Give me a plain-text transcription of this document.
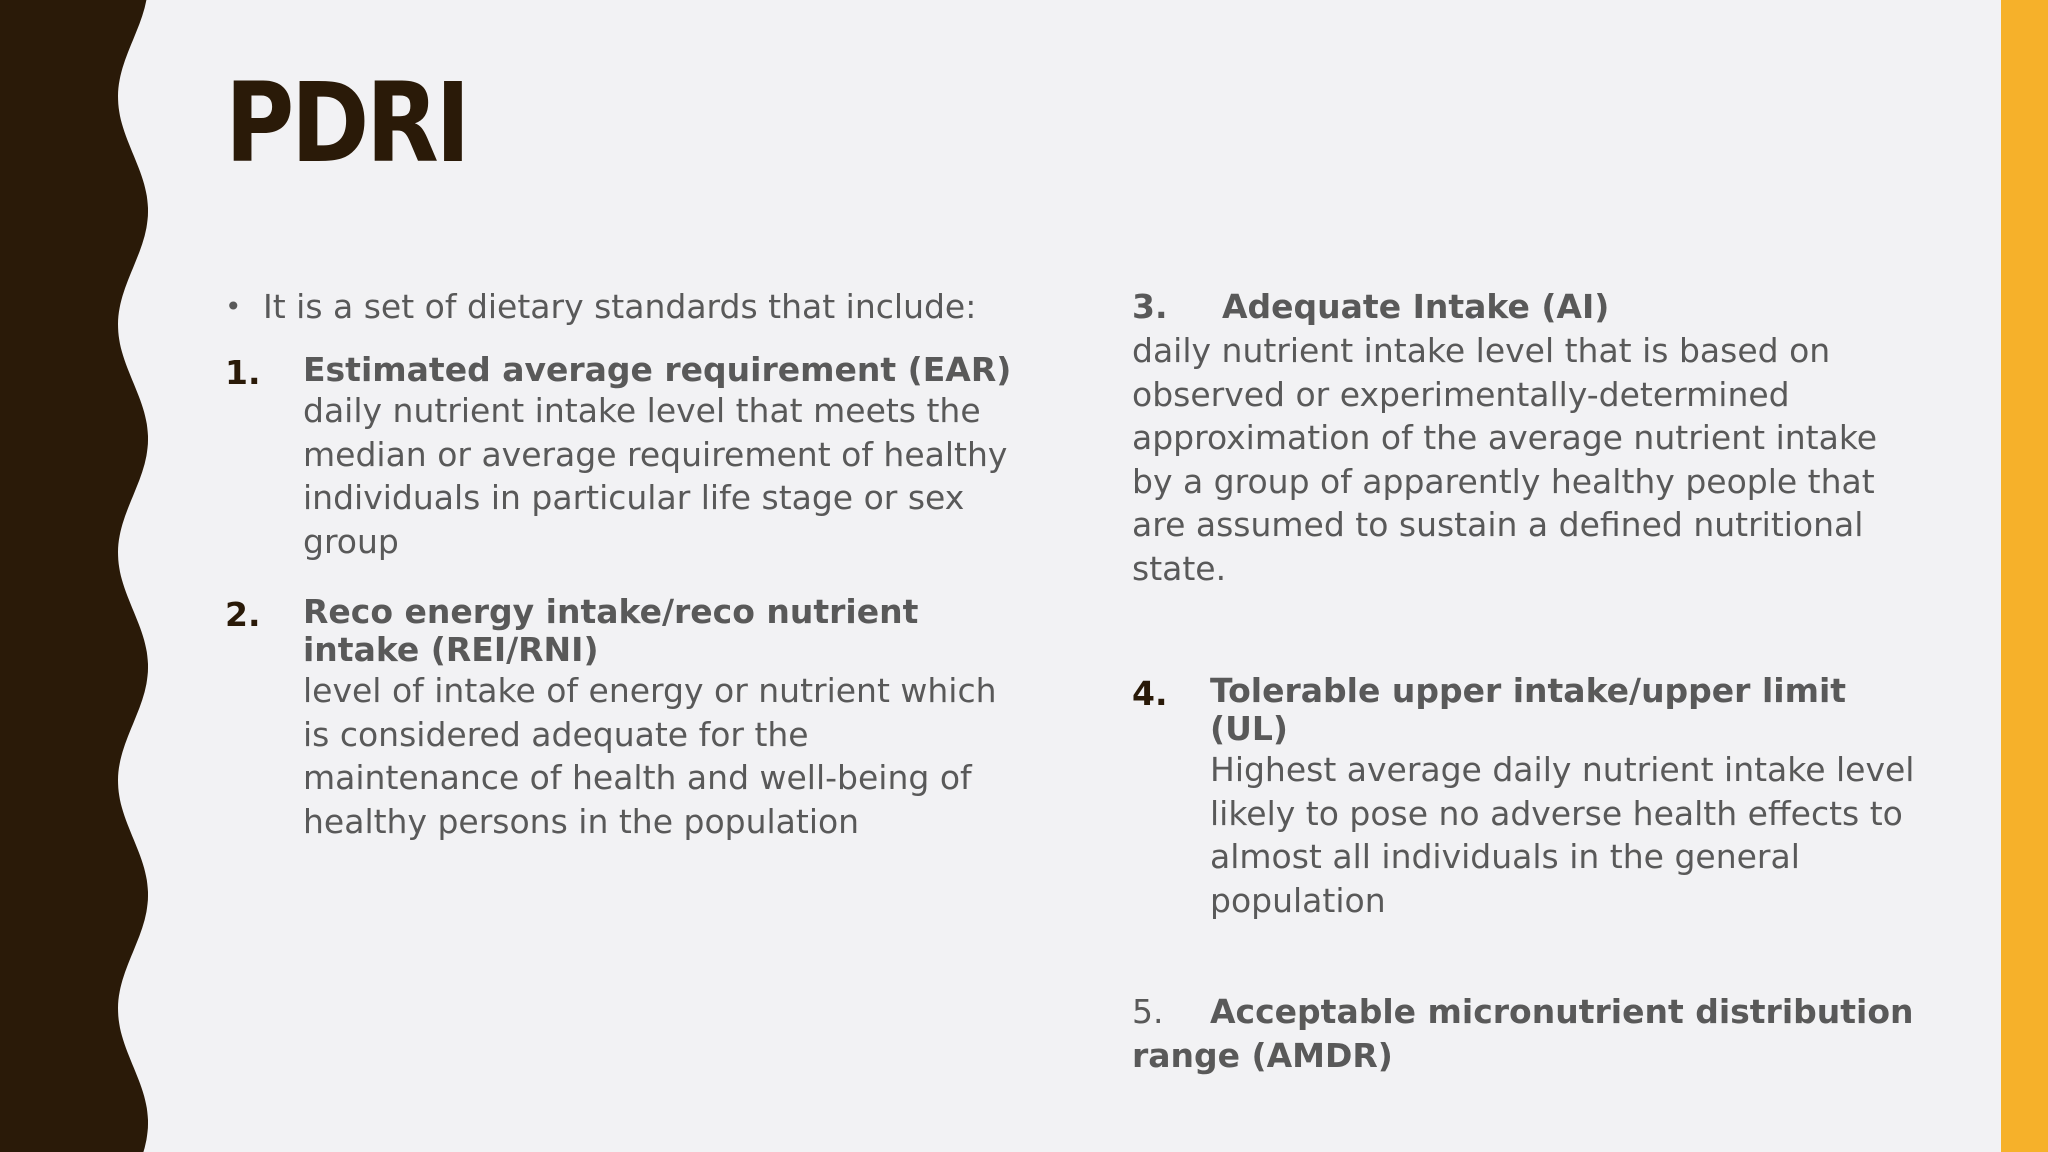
PDRI
• It is a set of dietary standards that include:
1. Estimated average requirement (EAR)
daily nutrient intake level that meets the median or average requirement of healthy individuals in particular life stage or sex group
2. Reco energy intake/reco nutrient intake (REI/RNI)
level of intake of energy or nutrient which is considered adequate for the maintenance of health and well-being of healthy persons in the population
3. Adequate Intake (AI)
daily nutrient intake level that is based on observed or experimentally-determined approximation of the average nutrient intake by a group of apparently healthy people that are assumed to sustain a defined nutritional state.
4. Tolerable upper intake/upper limit (UL)
Highest average daily nutrient intake level likely to pose no adverse health effects to almost all individuals in the general population
5. Acceptable micronutrient distribution range (AMDR)
